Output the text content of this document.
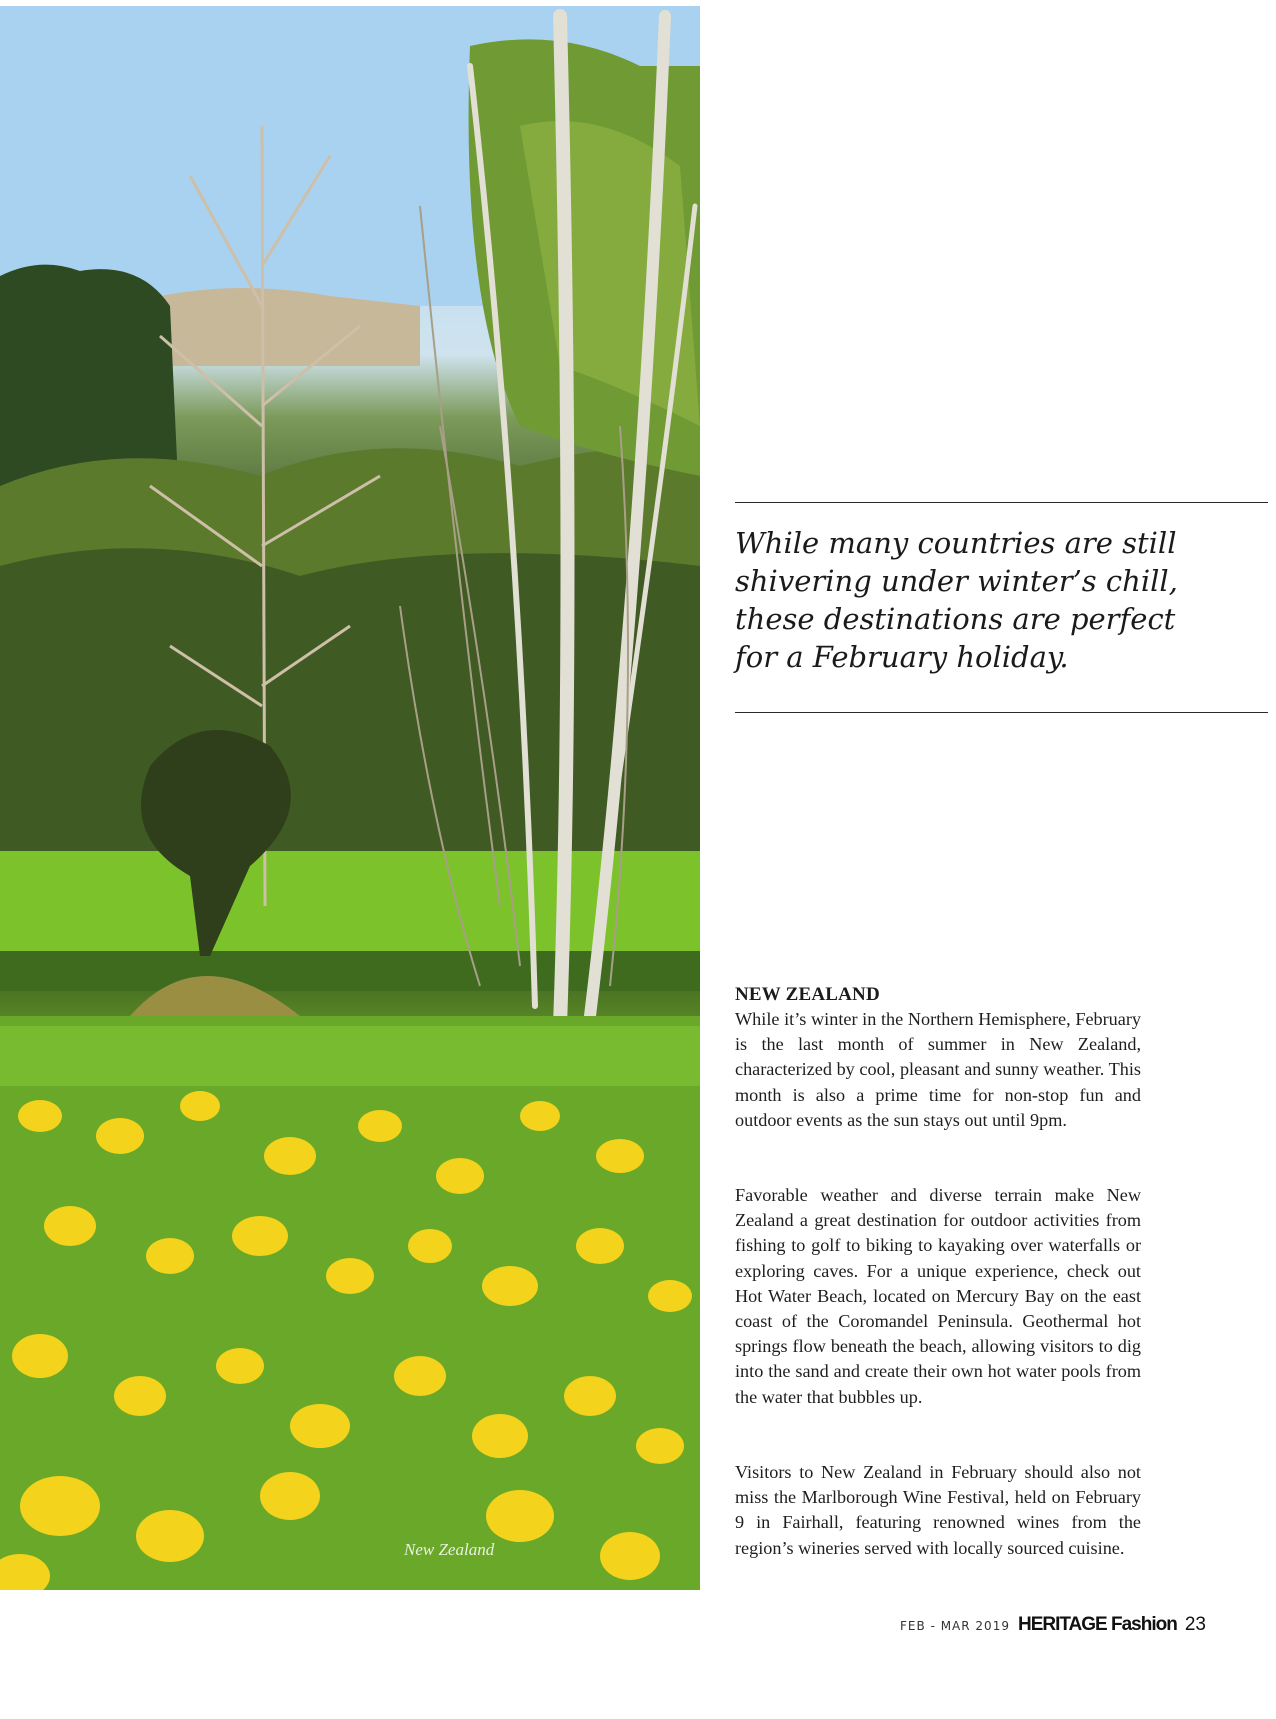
New Zealand

While many countries are still
shivering under winter’s chill,
these destinations are perfect
for a February holiday.

NEW ZEALAND

While it’s winter in the Northern Hemisphere, February is the last month of summer in New Zealand, characterized by cool, pleasant and sunny weather. This month is also a prime time for non-stop fun and outdoor events as the sun stays out until 9pm.

Favorable weather and diverse terrain make New Zealand a great destination for outdoor activities from fishing to golf to biking to kayaking over waterfalls or exploring caves. For a unique experience, check out Hot Water Beach, located on Mercury Bay on the east coast of the Coromandel Peninsula. Geothermal hot springs flow beneath the beach, allowing visitors to dig into the sand and create their own hot water pools from the water that bubbles up.

Visitors to New Zealand in February should also not miss the Marlborough Wine Festival, held on February 9 in Fairhall, featuring renowned wines from the region’s wineries served with locally sourced cuisine.

FEB - MAR 2019 HERITAGE Fashion 23
